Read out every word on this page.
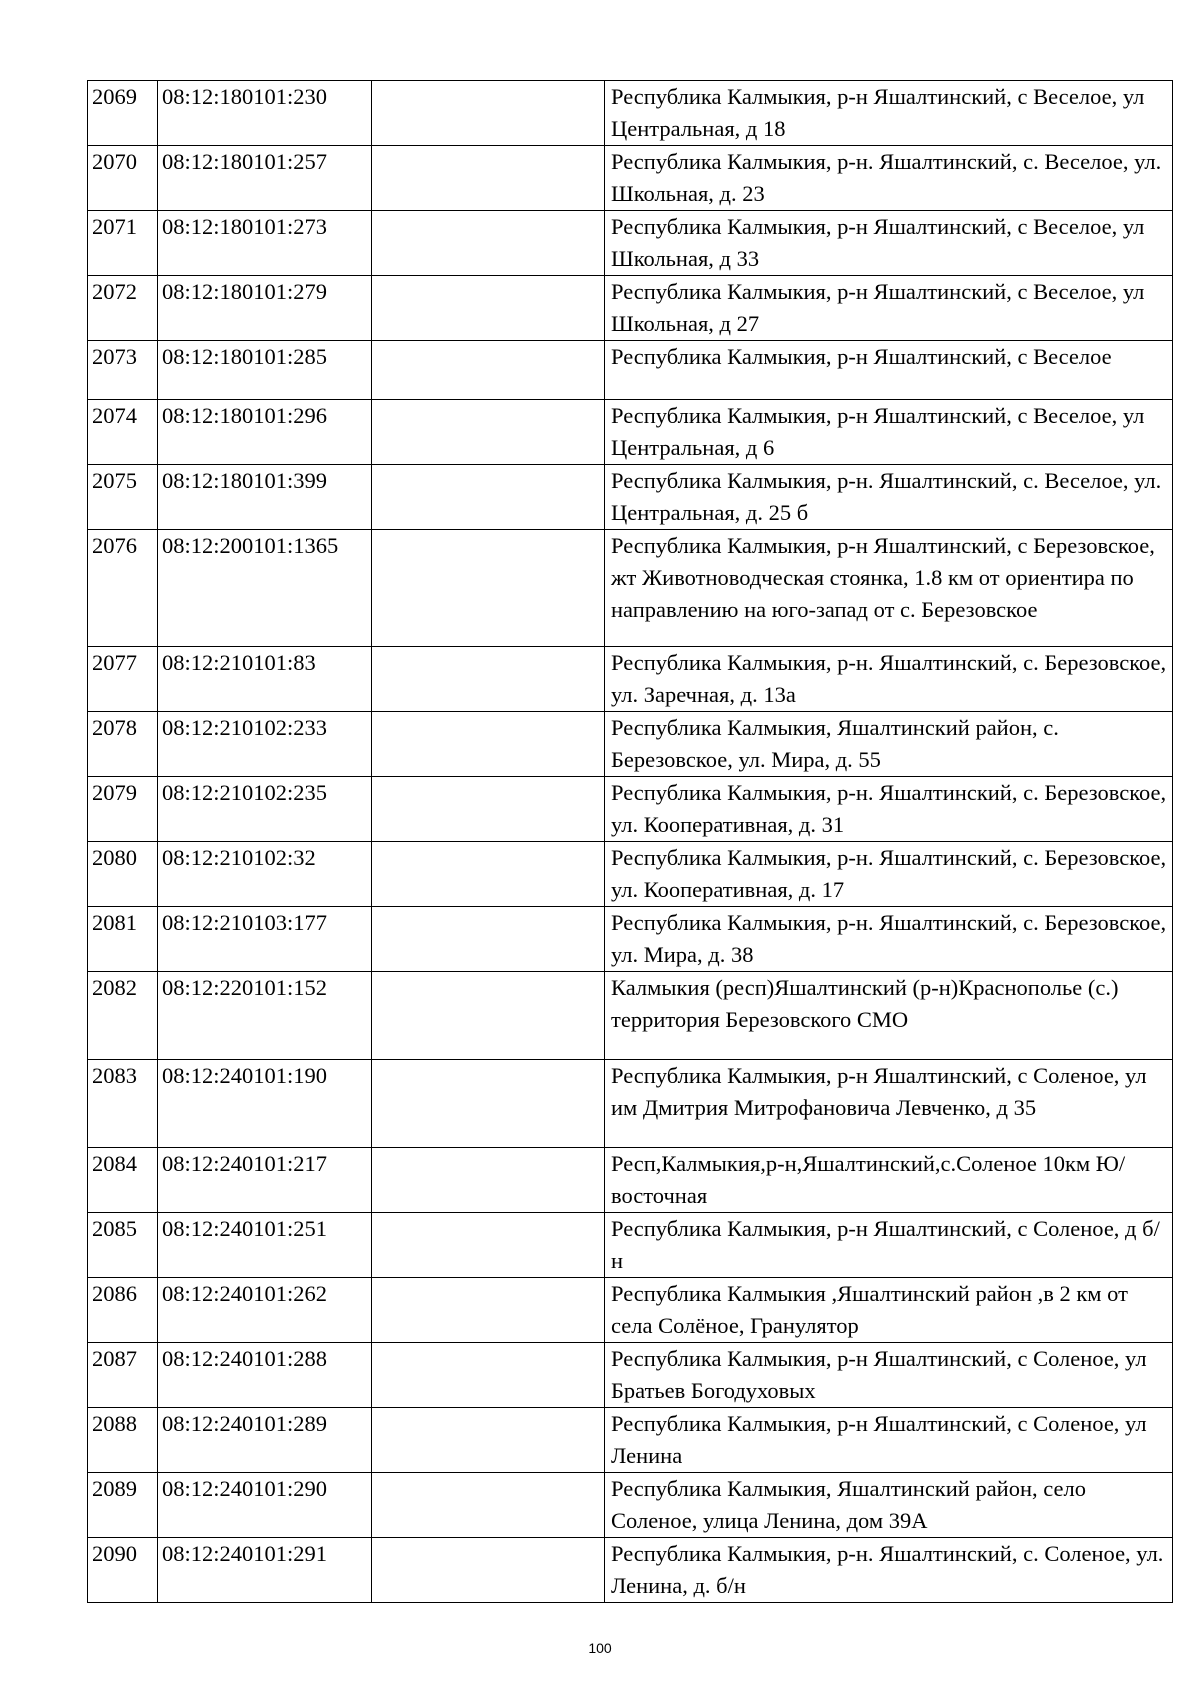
2069	08:12:180101:230		Республика Калмыкия, р-н Яшалтинский, с Веселое, ул Центральная, д 18
2070	08:12:180101:257		Республика Калмыкия, р-н. Яшалтинский, с. Веселое, ул. Школьная, д. 23
2071	08:12:180101:273		Республика Калмыкия, р-н Яшалтинский, с Веселое, ул Школьная, д 33
2072	08:12:180101:279		Республика Калмыкия, р-н Яшалтинский, с Веселое, ул Школьная, д 27
2073	08:12:180101:285		Республика Калмыкия, р-н Яшалтинский, с Веселое
2074	08:12:180101:296		Республика Калмыкия, р-н Яшалтинский, с Веселое, ул Центральная, д 6
2075	08:12:180101:399		Республика Калмыкия, р-н. Яшалтинский, с. Веселое, ул. Центральная, д. 25 б
2076	08:12:200101:1365		Республика Калмыкия, р-н Яшалтинский, с Березовское, жт Животноводческая стоянка, 1.8 км от ориентира по направлению на юго-запад от с. Березовское
2077	08:12:210101:83		Республика Калмыкия, р-н. Яшалтинский, с. Березовское, ул. Заречная, д. 13а
2078	08:12:210102:233		Республика Калмыкия, Яшалтинский район, с. Березовское, ул. Мира, д. 55
2079	08:12:210102:235		Республика Калмыкия, р-н. Яшалтинский, с. Березовское, ул. Кооперативная, д. 31
2080	08:12:210102:32		Республика Калмыкия, р-н. Яшалтинский, с. Березовское, ул. Кооперативная, д. 17
2081	08:12:210103:177		Республика Калмыкия, р-н. Яшалтинский, с. Березовское, ул. Мира, д. 38
2082	08:12:220101:152		Калмыкия (респ)Яшалтинский (р-н)Краснополье (с.) территория Березовского СМО
2083	08:12:240101:190		Республика Калмыкия, р-н Яшалтинский, с Соленое, ул им Дмитрия Митрофановича Левченко, д 35
2084	08:12:240101:217		Респ,Калмыкия,р-н,Яшалтинский,с.Соленое 10км Ю/восточная
2085	08:12:240101:251		Республика Калмыкия, р-н Яшалтинский, с Соленое, д б/н
2086	08:12:240101:262		Республика Калмыкия ,Яшалтинский район ,в 2 км от села Солёное, Гранулятор
2087	08:12:240101:288		Республика Калмыкия, р-н Яшалтинский, с Соленое, ул Братьев Богодуховых
2088	08:12:240101:289		Республика Калмыкия, р-н Яшалтинский, с Соленое, ул Ленина
2089	08:12:240101:290		Республика Калмыкия, Яшалтинский район, село Соленое, улица Ленина, дом 39А
2090	08:12:240101:291		Республика Калмыкия, р-н. Яшалтинский, с. Соленое, ул. Ленина, д. б/н
100
